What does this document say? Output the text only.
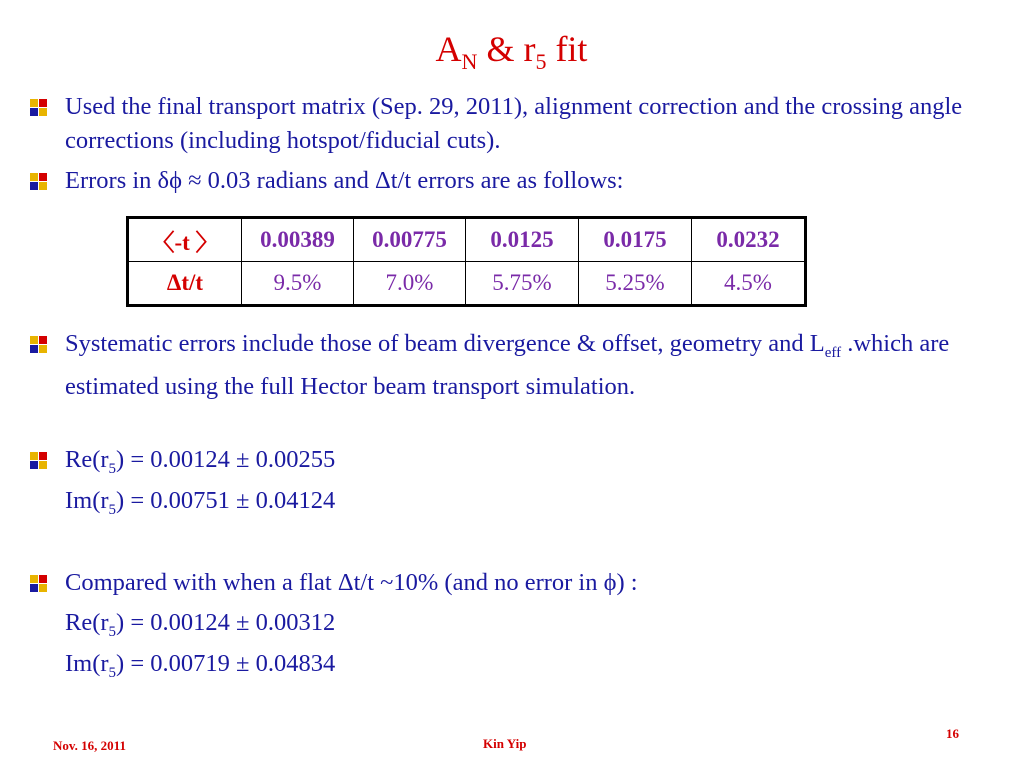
$A_N$ & $r_5$ fit
Used the final transport matrix (Sep. 29, 2011), alignment correction and the crossing angle corrections (including hotspot/fiducial cuts).
Errors in δϕ ≈ 0.03 radians and Δt/t errors are as follows:
〈-t 〉	0.00389	0.00775	0.0125	0.0175	0.0232
Δt/t	9.5%	7.0%	5.75%	5.25%	4.5%
Systematic errors include those of beam divergence & offset, geometry and $L_{eff}$ .which are estimated using the full Hector beam transport simulation.
$Re(r_5) = 0.00124 \pm 0.00255$
$Im(r_5) = 0.00751 \pm 0.04124$
Compared with when a flat Δt/t ~10% (and no error in ϕ) :
$Re(r_5) = 0.00124 \pm 0.00312$
$Im(r_5) = 0.00719 \pm 0.04834$
Nov. 16, 2011	Kin Yip
16
